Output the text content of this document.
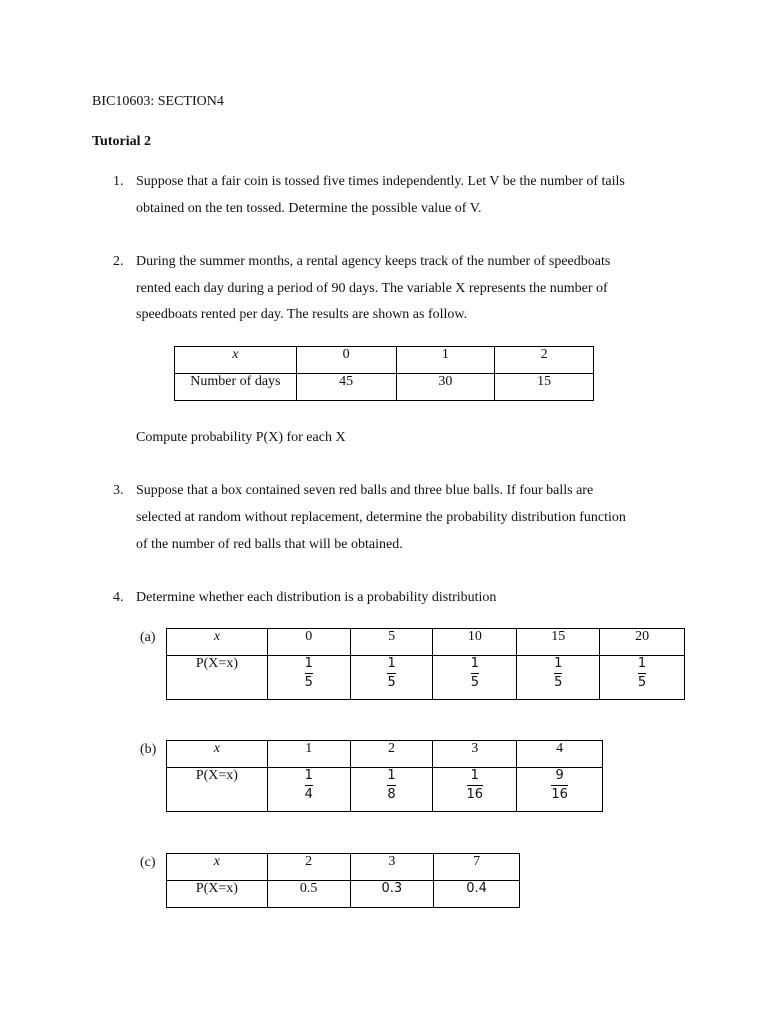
BIC10603: SECTION4
Tutorial 2
1. Suppose that a fair coin is tossed five times independently. Let V be the number of tails
obtained on the ten tossed. Determine the possible value of V.
2. During the summer months, a rental agency keeps track of the number of speedboats
rented each day during a period of 90 days. The variable X represents the number of
speedboats rented per day. The results are shown as follow.
x	0	1	2
Number of days	45	30	15
Compute probability P(X) for each X
3. Suppose that a box contained seven red balls and three blue balls. If four balls are
selected at random without replacement, determine the probability distribution function
of the number of red balls that will be obtained.
4. Determine whether each distribution is a probability distribution
(a)	x	0	5	10	15	20
P(X=x)	$\frac{1}{5}$	$\frac{1}{5}$	$\frac{1}{5}$	$\frac{1}{5}$	$\frac{1}{5}$
(b)	x	1	2	3	4
P(X=x)	$\frac{1}{4}$	$\frac{1}{8}$	$\frac{1}{16}$	$\frac{9}{16}$
(c)	x	2	3	7
P(X=x)	0.5	0.3	0.4
